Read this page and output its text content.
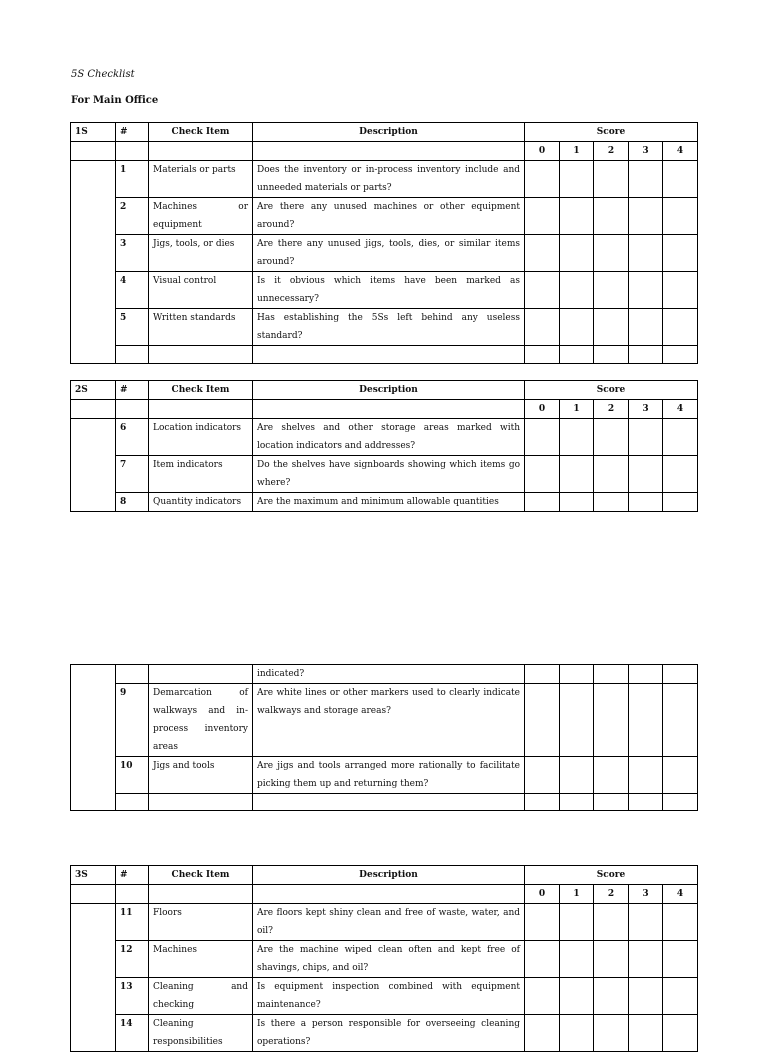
5S Checklist
For Main Office
1S	#	Check Item	Description	Score				
				0	1	2	3	4
	1	Materials or parts	Does the inventory or in-process inventory include and unneeded materials or parts?					
	2	Machines or equipment	Are there any unused machines or other equipment around?					
	3	Jigs, tools, or dies	Are there any unused jigs, tools, dies, or similar items around?					
	4	Visual control	Is it obvious which items have been marked as unnecessary?					
	5	Written standards	Has establishing the 5Ss left behind any useless standard?					

2S	#	Check Item	Description	Score				
				0	1	2	3	4
	6	Location indicators	Are shelves and other storage areas marked with location indicators and addresses?					
	7	Item indicators	Do the shelves have signboards showing which items go where?					
	8	Quantity indicators	Are the maximum and minimum allowable quantities					
			indicated?					
	9	Demarcation of walkways and in-process inventory areas	Are white lines or other markers used to clearly indicate walkways and storage areas?					
	10	Jigs and tools	Are jigs and tools arranged more rationally to facilitate picking them up and returning them?					

3S	#	Check Item	Description	Score				
				0	1	2	3	4
	11	Floors	Are floors kept shiny clean and free of waste, water, and oil?					
	12	Machines	Are the machine wiped clean often and kept free of shavings, chips, and oil?					
	13	Cleaning and checking	Is equipment inspection combined with equipment maintenance?					
	14	Cleaning responsibilities	Is there a person responsible for overseeing cleaning operations?					
